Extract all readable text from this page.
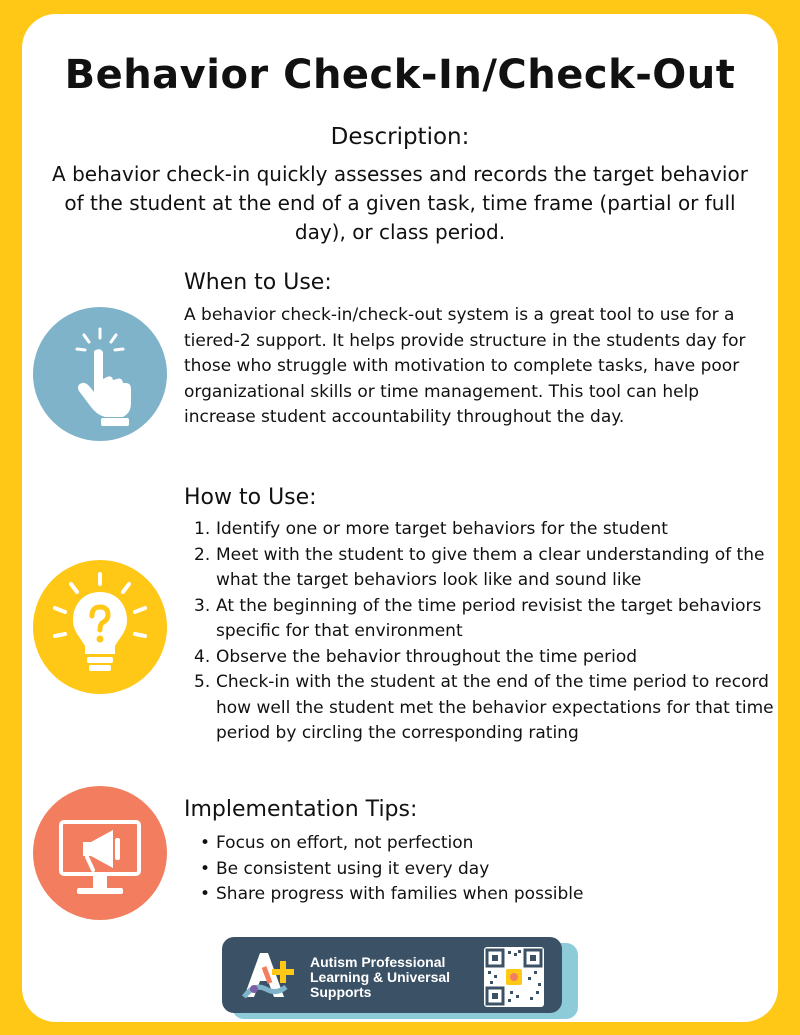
Behavior Check-In/Check-Out
Description:
A behavior check-in quickly assesses and records the target behavior of the student at the end of a given task, time frame (partial or full day), or class period.
When to Use:
A behavior check-in/check-out system is a great tool to use for a tiered-2 support. It helps provide structure in the students day for those who struggle with motivation to complete tasks, have poor organizational skills or time management. This tool can help increase student accountability throughout the day.
How to Use:
1. Identify one or more target behaviors for the student
2. Meet with the student to give them a clear understanding of the what the target behaviors look like and sound like
3. At the beginning of the time period revisist the target behaviors specific for that environment
4. Observe the behavior throughout the time period
5. Check-in with the student at the end of the time period to record how well the student met the behavior expectations for that time period by circling the corresponding rating
Implementation Tips:
• Focus on effort, not perfection
• Be consistent using it every day
• Share progress with families when possible
Autism Professional
Learning & Universal
Supports
